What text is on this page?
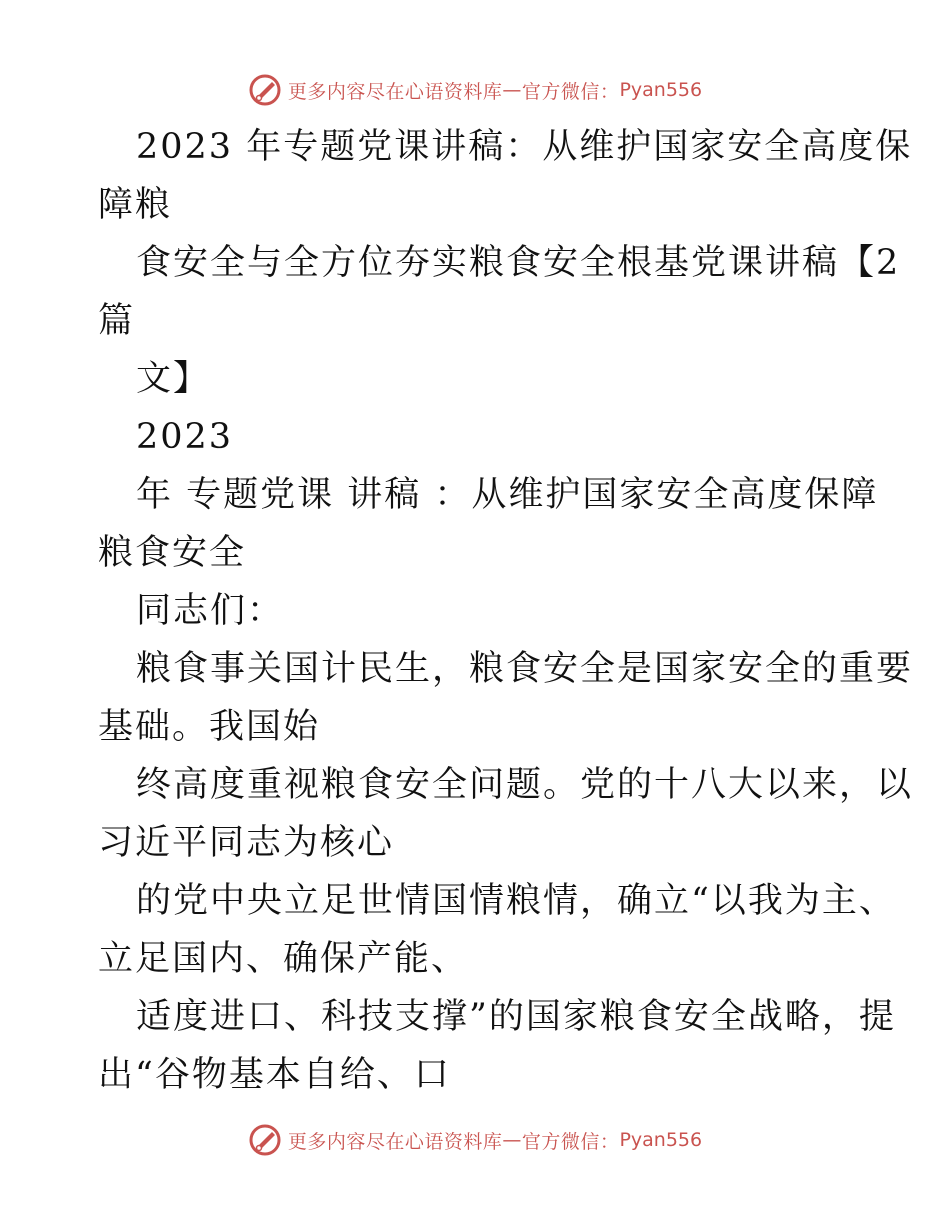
更多内容尽在心语资料库 — 官方微信： Pyan556
2023 年专题党课讲稿：从维护国家安全高度保
障粮
食安全与全方位夯实粮食安全根基党课讲稿【2
篇
文】
2023
年 专题党课 讲稿 ：从维护国家安全高度保障
粮食安全
同志们：
粮食事关国计民生，粮食安全是国家安全的重要
基础。我国始
终高度重视粮食安全问题。党的十八大以来，以
习近平同志为核心
的党中央立足世情国情粮情，确立“以我为主、
立足国内、确保产能、
适度进口、科技支撑”的国家粮食安全战略，提
出“谷物基本自给、口
更多内容尽在心语资料库 — 官方微信： Pyan556
